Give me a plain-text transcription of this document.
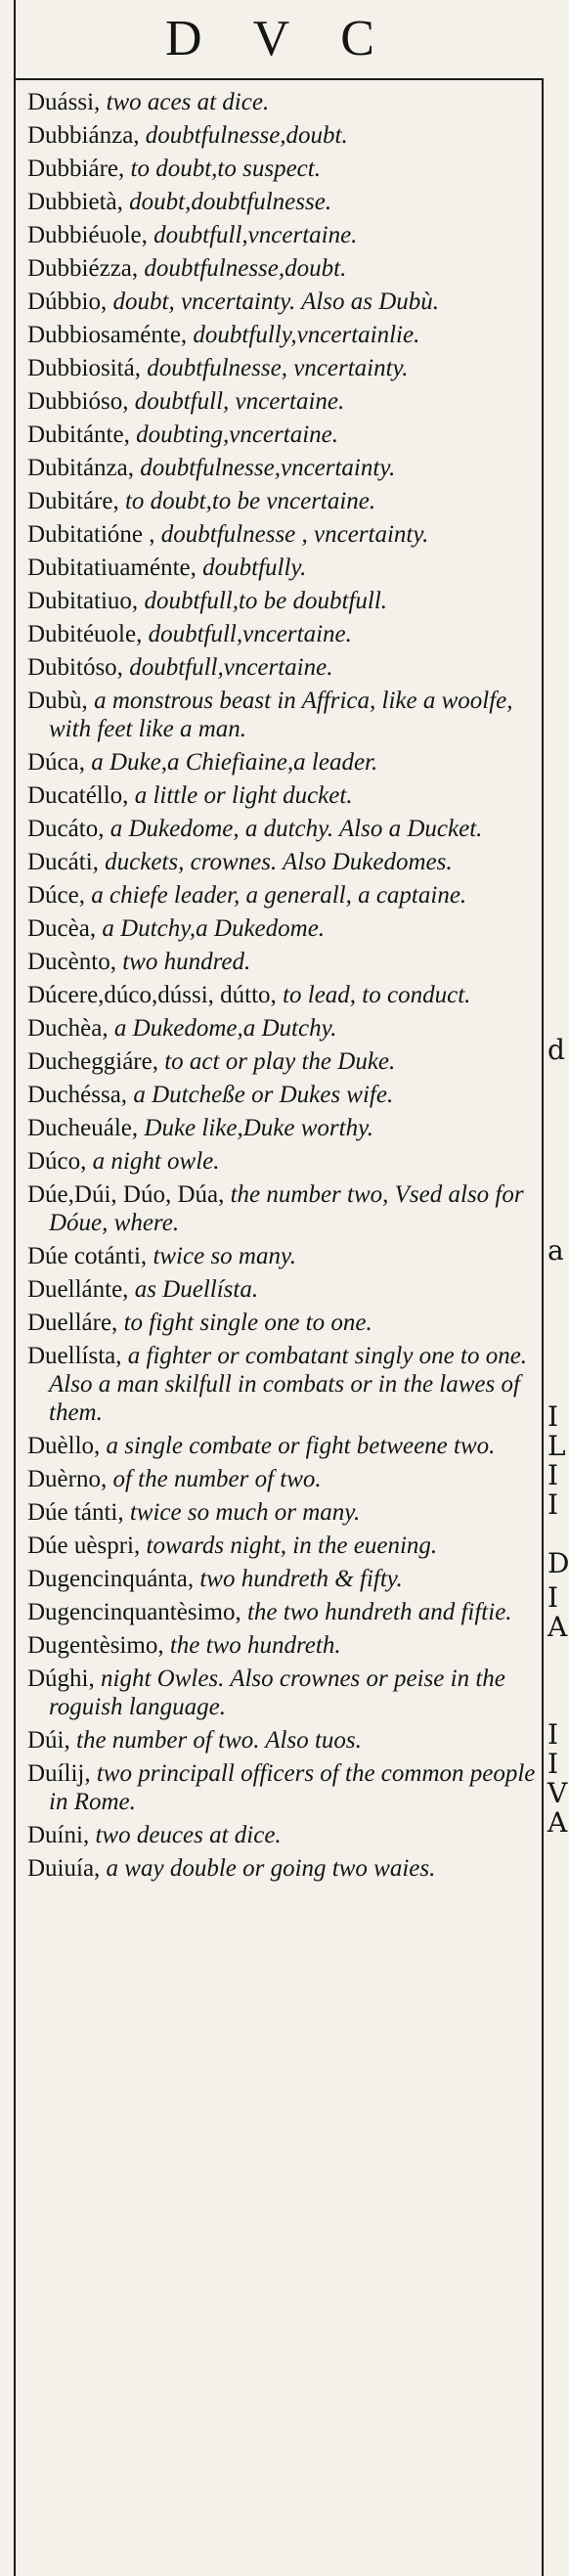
D V C
d
a
I
L
I
I
D
I
A
I
I
V
A
Duássi, two aces at dice.
Dubbiánza, doubtfulnesse,doubt.
Dubbiáre, to doubt,to suspect.
Dubbietà, doubt,doubtfulnesse.
Dubbiéuole, doubtfull,vncertaine.
Dubbiézza, doubtfulnesse,doubt.
Dúbbio, doubt, vncertainty. Also as Dubù.
Dubbiosaménte, doubtfully,vncertainlie.
Dubbiositá, doubtfulnesse, vncertainty.
Dubbióso, doubtfull, vncertaine.
Dubitánte, doubting,vncertaine.
Dubitánza, doubtfulnesse,vncertainty.
Dubitáre, to doubt,to be vncertaine.
Dubitatióne , doubtfulnesse , vncertainty.
Dubitatiuaménte, doubtfully.
Dubitatiuo, doubtfull,to be doubtfull.
Dubitéuole, doubtfull,vncertaine.
Dubitóso, doubtfull,vncertaine.
Dubù, a monstrous beast in Affrica, like a woolfe, with feet like a man.
Dúca, a Duke,a Chiefiaine,a leader.
Ducatéllo, a little or light ducket.
Ducáto, a Dukedome, a dutchy. Also a Ducket.
Ducáti, duckets, crownes. Also Dukedomes.
Dúce, a chiefe leader, a generall, a captaine.
Ducèa, a Dutchy,a Dukedome.
Ducènto, two hundred.
Dúcere,dúco,dússi, dútto, to lead, to conduct.
Duchèa, a Dukedome,a Dutchy.
Ducheggiáre, to act or play the Duke.
Duchéssa, a Dutcheße or Dukes wife.
Ducheuále, Duke like,Duke worthy.
Dúco, a night owle.
Dúe,Dúi, Dúo, Dúa, the number two, Vsed also for Dóue, where.
Dúe cotánti, twice so many.
Duellánte, as Duellísta.
Duelláre, to fight single one to one.
Duellísta, a fighter or combatant singly one to one. Also a man skilfull in combats or in the lawes of them.
Duèllo, a single combate or fight betweene two.
Duèrno, of the number of two.
Dúe tánti, twice so much or many.
Dúe uèspri, towards night, in the euening.
Dugencinquánta, two hundreth & fifty.
Dugencinquantèsimo, the two hundreth and fiftie.
Dugentèsimo, the two hundreth.
Dúghi, night Owles. Also crownes or peise in the roguish language.
Dúi, the number of two. Also tuos.
Duílij, two principall officers of the common people in Rome.
Duíni, two deuces at dice.
Duiuía, a way double or going two waies.
